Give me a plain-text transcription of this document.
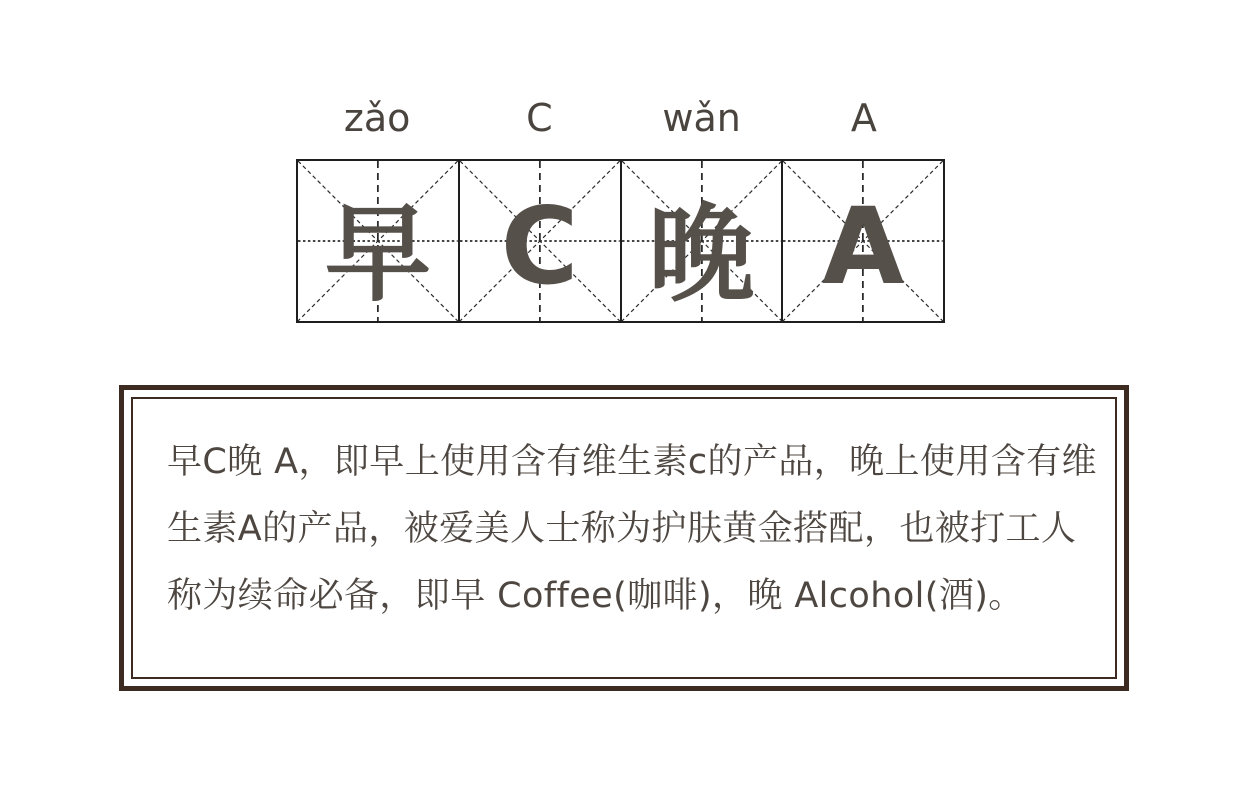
zǎo	C	wǎn	A
早 C 晚 A

早C晚 A，即早上使用含有维生素c的产品，晚上使用含有维

生素A的产品，被爱美人士称为护肤黄金搭配，也被打工人

称为续命必备，即早 Coffee(咖啡)，晚 Alcohol(酒)。
